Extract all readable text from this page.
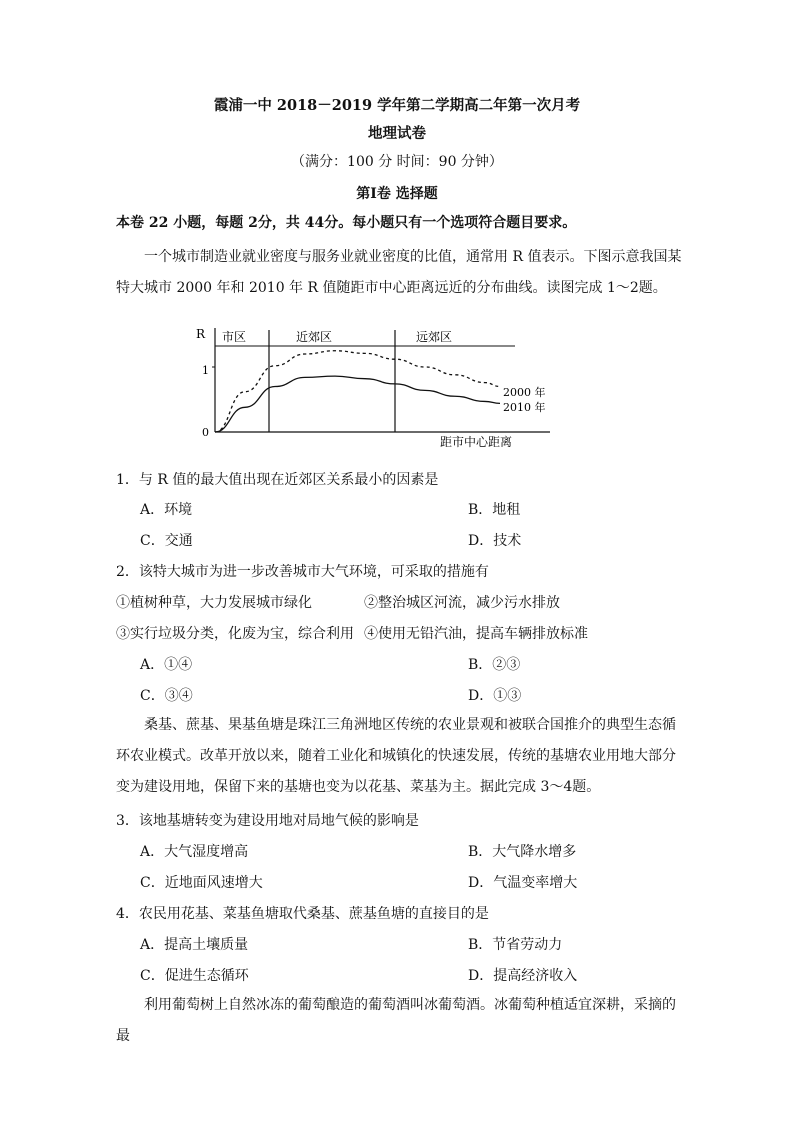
霞浦一中 2018－2019 学年第二学期高二年第一次月考
地理试卷
（满分：100 分 时间：90 分钟）
第Ⅰ卷 选择题
本卷 22 小题，每题 2分，共 44分。每小题只有一个选项符合题目要求。
一个城市制造业就业密度与服务业就业密度的比值，通常用 R 值表示。下图示意我国某特大城市 2000 年和 2010 年 R 值随距市中心距离远近的分布曲线。读图完成 1～2题。
R
1
0
市区	近郊区	远郊区
距市中心距离
2000 年
2010 年
1．与 R 值的最大值出现在近郊区关系最小的因素是
A．环境	B．地租
C．交通	D．技术
2．该特大城市为进一步改善城市大气环境，可采取的措施有
①植树种草，大力发展城市绿化	②整治城区河流，减少污水排放
③实行垃圾分类，化废为宝，综合利用 ④使用无铅汽油，提高车辆排放标准
A．①④	B．②③
C．③④	D．①③
桑基、蔗基、果基鱼塘是珠江三角洲地区传统的农业景观和被联合国推介的典型生态循环农业模式。改革开放以来，随着工业化和城镇化的快速发展，传统的基塘农业用地大部分变为建设用地，保留下来的基塘也变为以花基、菜基为主。据此完成 3～4题。
3．该地基塘转变为建设用地对局地气候的影响是
A．大气湿度增高	B．大气降水增多
C．近地面风速增大	D．气温变率增大
4．农民用花基、菜基鱼塘取代桑基、蔗基鱼塘的直接目的是
A．提高土壤质量	B．节省劳动力
C．促进生态循环	D．提高经济收入
利用葡萄树上自然冰冻的葡萄酿造的葡萄酒叫冰葡萄酒。冰葡萄种植适宜深耕，采摘的最
